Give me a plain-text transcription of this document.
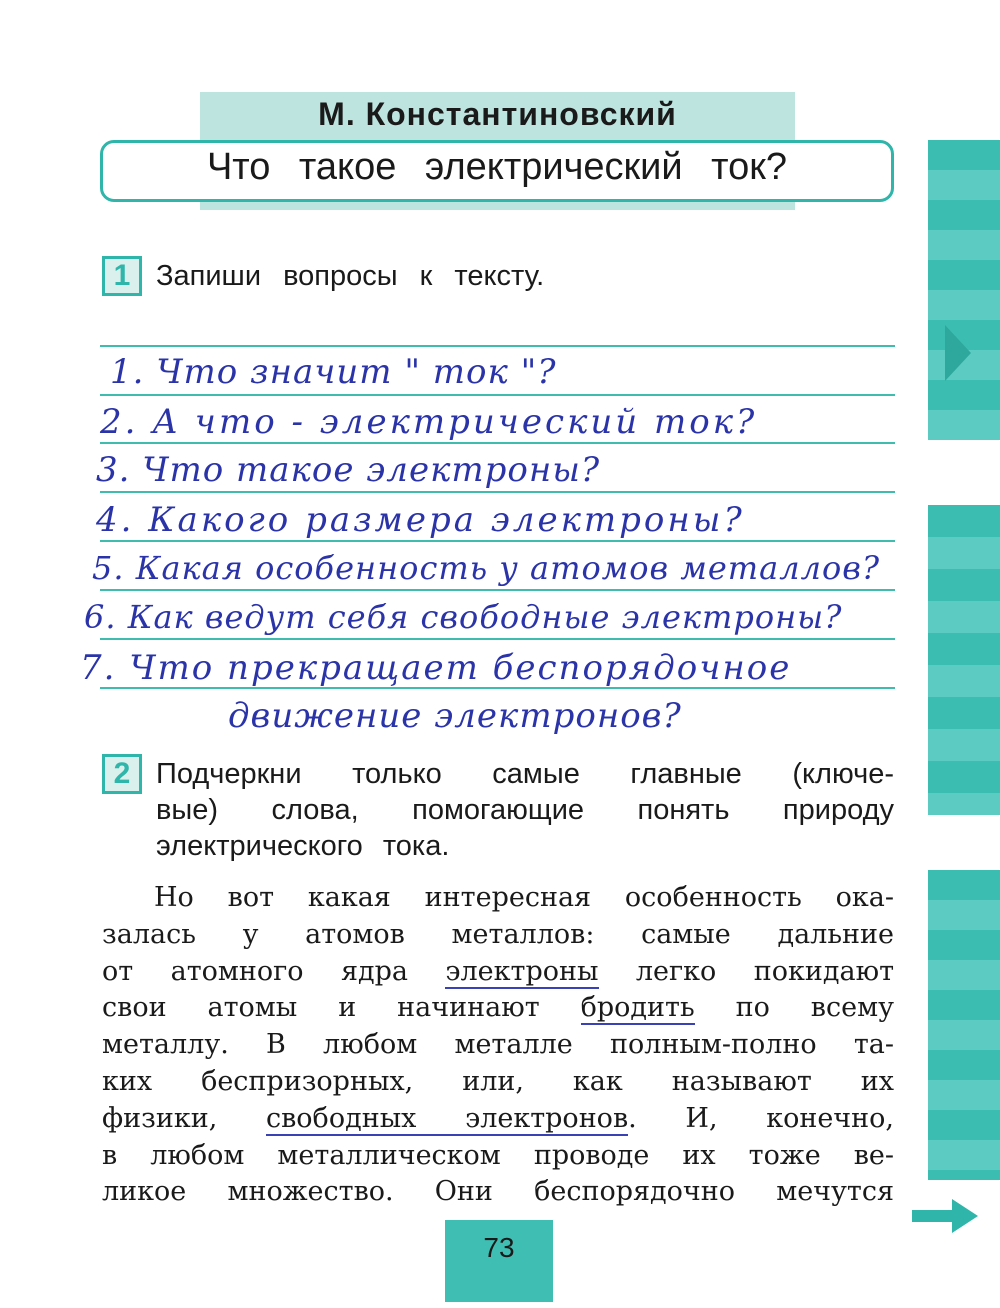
М. Константиновский
Что такое электрический ток?
1 Запиши вопросы к тексту.
1. Что значит " ток "?
2. А что - электрический ток?
3. Что такое электроны?
4. Какого размера электроны?
5. Какая особенность у атомов металлов?
6. Как ведут себя свободные электроны?
7. Что прекращает беспорядочное
движение электронов?
2 Подчеркни только самые главные (ключе-
вые) слова, помогающие понять природу
электрического тока.
Но вот какая интересная особенность ока-
залась у атомов металлов: самые дальние
от атомного ядра электроны легко покидают
свои атомы и начинают бродить по всему
металлу. В любом металле полным-полно та-
ких беспризорных, или, как называют их
физики, свободных электронов. И, конечно,
в любом металлическом проводе их тоже ве-
ликое множество. Они беспорядочно мечутся
73
